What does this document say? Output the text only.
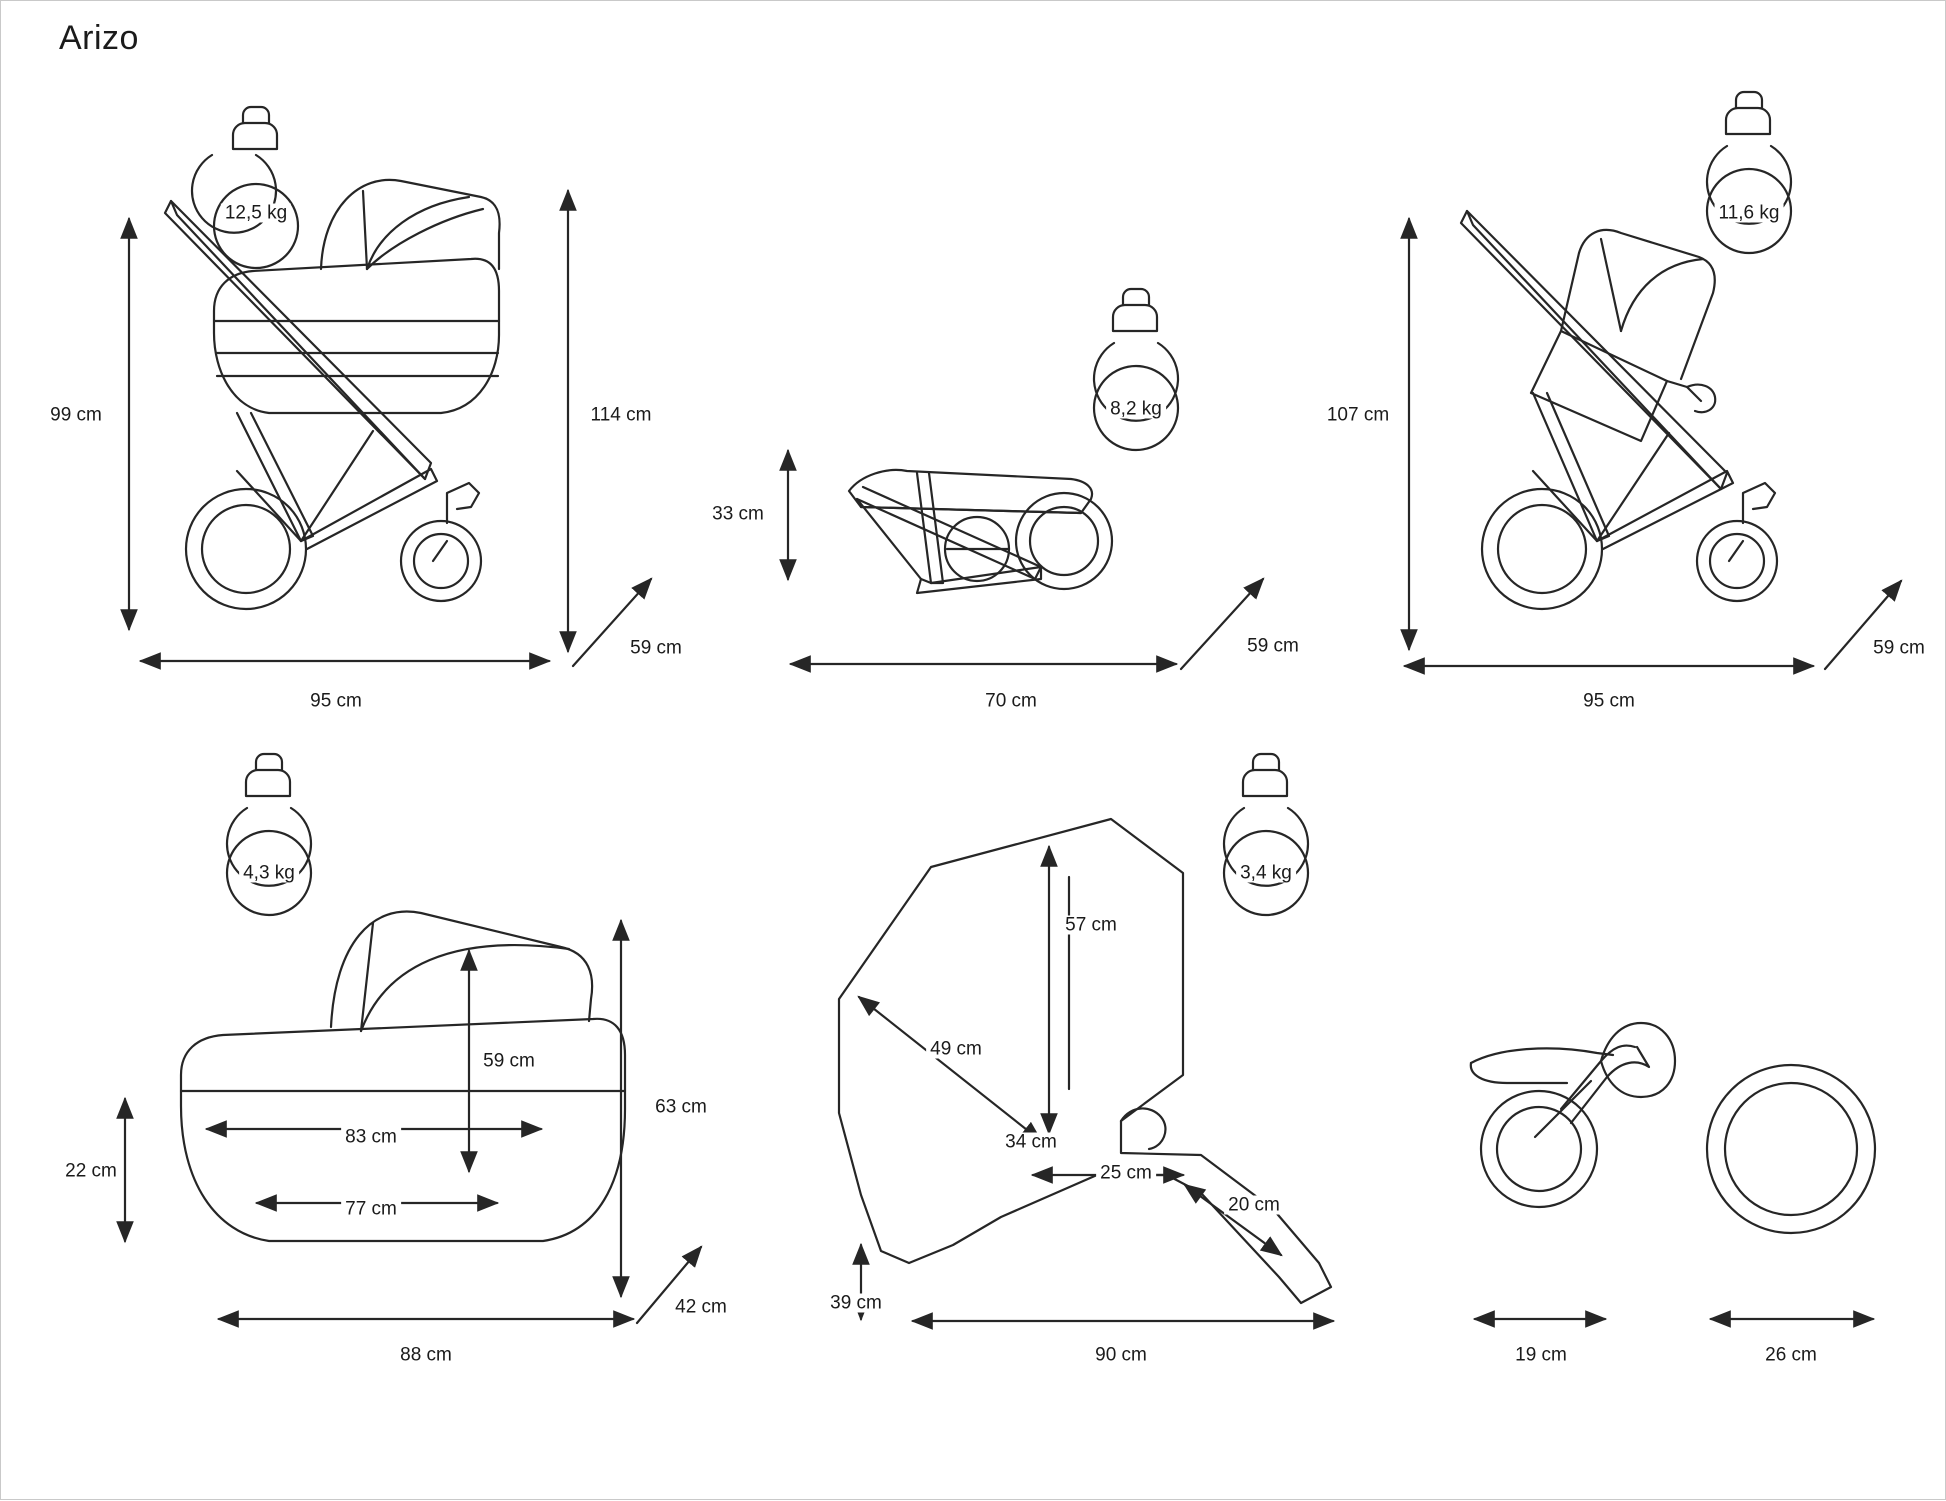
Arizo
12,5 kg
99 cm	114 cm
95 cm
59 cm
8,2 kg
33 cm
70 cm
59 cm
11,6 kg
107 cm
95 cm
59 cm
4,3 kg
59 cm
83 cm
77 cm
22 cm
63 cm
88 cm
42 cm
3,4 kg
57 cm
49 cm
34 cm
25 cm
20 cm
39 cm
90 cm	19 cm	26 cm
